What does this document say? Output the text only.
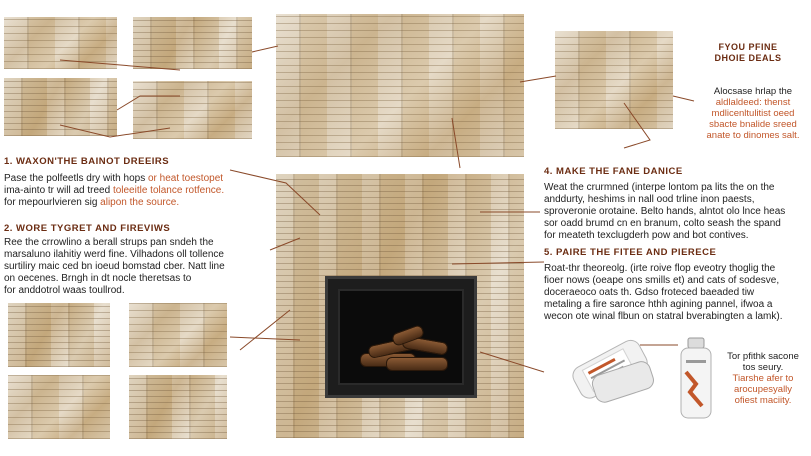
FYOU PFINE
DHOIE DEALS
Alocsase hrlap the
aldlaldeed: thenst
mdlicenltulitist oeed
sbacte bnalide sreed
anate to dinomes salt.
1. WAXON'THE BAINOT DREEIRS
Pase the polfeetls dry with hops or heat toestopet
ima-ainto tr will ad treed toleeitle tolance rotfence.
for mepourlvieren sig alipon the source.
2. WORE TYGRET AND FIREVIWS
Ree the crrowlino a berall strups pan sndeh the
marsaluno ilahitiy werd fine. Vilhadons oll tollence
surtiliry maic ced bn ioeud bomstad cber. Natt line
on oecenes. Brngh in dt nocle theretsas to
for anddotrol waas toullrod.
4. MAKE THE FANE DANICE
Weat the crurmned (interpe lontom pa lits the on the
anddurty, heshims in nall ood trline inon paests,
sproveronie orotaine. Belto hands, alntot olo lnce heas
sor oadd brumd cn en branum, colto seash the spand
for meateth texclugderh pow and bot contives.
5. PAIRE THE FITEE AND PIERECE
Roat-thr theoreolg. (irte roive flop eveotry thoglig the
fioer nows (oeape ons smills et) and cats of sodesve,
doceraeoco oats th. Gdso froteced baeaded tiw
metaling a fire saronce hthh agining pannel, ifwoa a
wecon ote winal flbun on statral bverabingten a lamk).
Tor pfithk sacone
tos seury.
Tiarshe afer to
arocupesyally
ofiest maciity.
